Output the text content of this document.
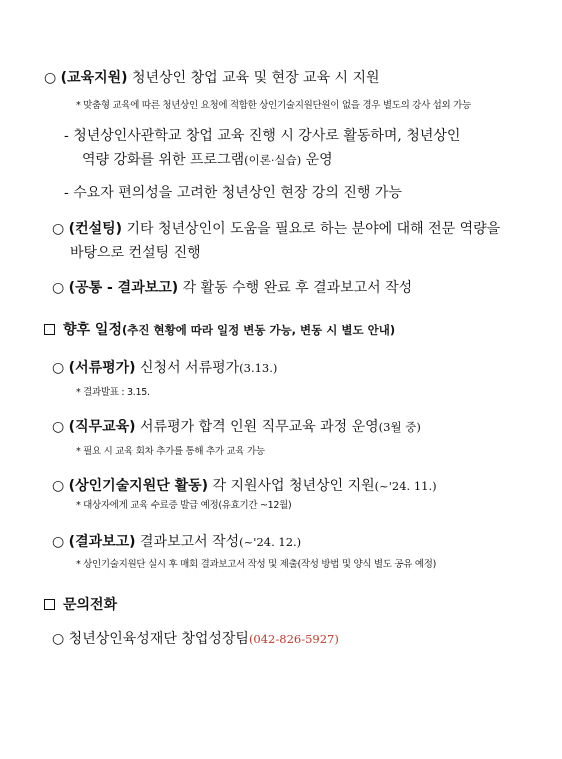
○ (교육지원) 청년상인 창업 교육 및 현장 교육 시 지원
* 맞춤형 교육에 따른 청년상인 요청에 적합한 상인기술지원단원이 없을 경우 별도의 강사 섭외 가능
- 청년상인사관학교 창업 교육 진행 시 강사로 활동하며, 청년상인
역량 강화를 위한 프로그램(이론·실습) 운영
- 수요자 편의성을 고려한 청년상인 현장 강의 진행 가능
○ (컨설팅) 기타 청년상인이 도움을 필요로 하는 분야에 대해 전문 역량을
바탕으로 컨설팅 진행
○ (공통 - 결과보고) 각 활동 수행 완료 후 결과보고서 작성
향후 일정(추진 현황에 따라 일정 변동 가능, 변동 시 별도 안내)
○ (서류평가) 신청서 서류평가(3.13.)
* 결과발표 : 3.15.
○ (직무교육) 서류평가 합격 인원 직무교육 과정 운영(3월 중)
* 필요 시 교육 회차 추가를 통해 추가 교육 가능
○ (상인기술지원단 활동) 각 지원사업 청년상인 지원(~'24. 11.)
* 대상자에게 교육 수료증 발급 예정(유효기간 ~12월)
○ (결과보고) 결과보고서 작성(~'24. 12.)
* 상인기술지원단 실시 후 매회 결과보고서 작성 및 제출(작성 방법 및 양식 별도 공유 예정)
문의전화
○ 청년상인육성재단 창업성장팀(042-826-5927)
